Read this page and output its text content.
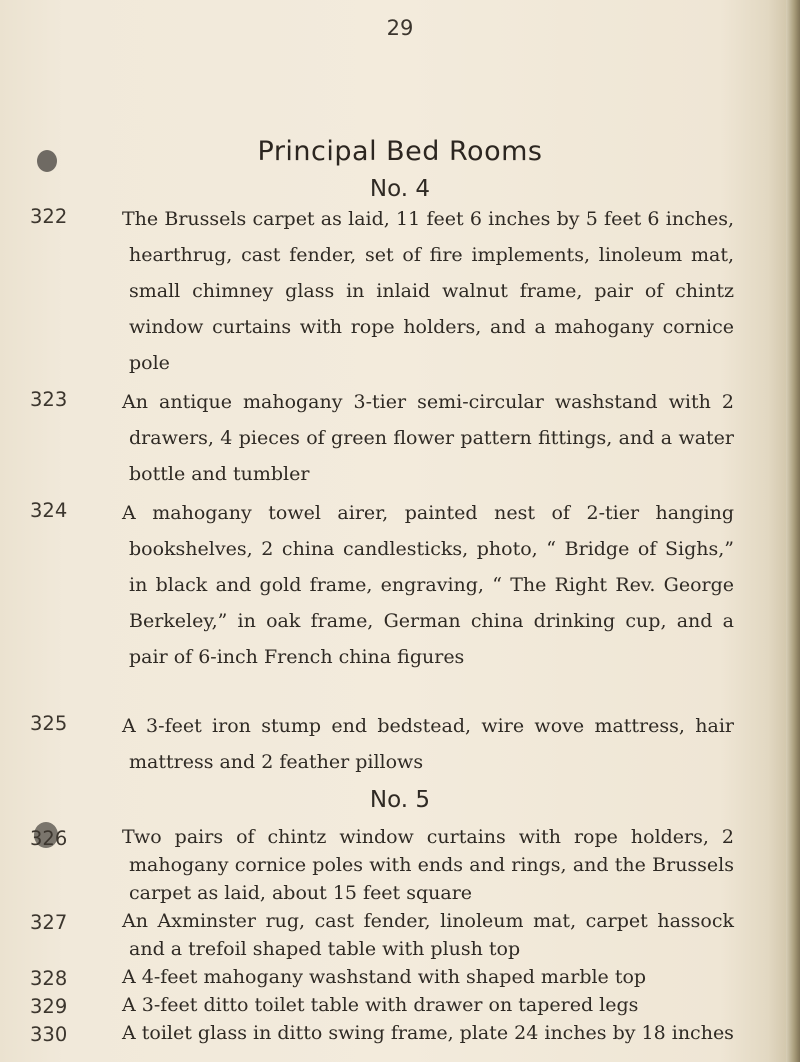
29
Principal Bed Rooms
No. 4
322	The Brussels carpet as laid, 11 feet 6 inches by 5 feet 6 inches, hearthrug, cast fender, set of fire implements, linoleum mat, small chimney glass in inlaid walnut frame, pair of chintz window curtains with rope holders, and a mahogany cornice pole
323	An antique mahogany 3-tier semi-circular washstand with 2 drawers, 4 pieces of green flower pattern fittings, and a water bottle and tumbler
324	A mahogany towel airer, painted nest of 2-tier hanging bookshelves, 2 china candlesticks, photo, “ Bridge of Sighs,” in black and gold frame, engraving, “ The Right Rev. George Berkeley,” in oak frame, German china drinking cup, and a pair of 6-inch French china figures
325	A 3-feet iron stump end bedstead, wire wove mattress, hair mattress and 2 feather pillows
No. 5
326	Two pairs of chintz window curtains with rope holders, 2 mahogany cornice poles with ends and rings, and the Brussels carpet as laid, about 15 feet square
327	An Axminster rug, cast fender, linoleum mat, carpet hassock and a trefoil shaped table with plush top
328	A 4-feet mahogany washstand with shaped marble top
329	A 3-feet ditto toilet table with drawer on tapered legs
330	A toilet glass in ditto swing frame, plate 24 inches by 18 inches
